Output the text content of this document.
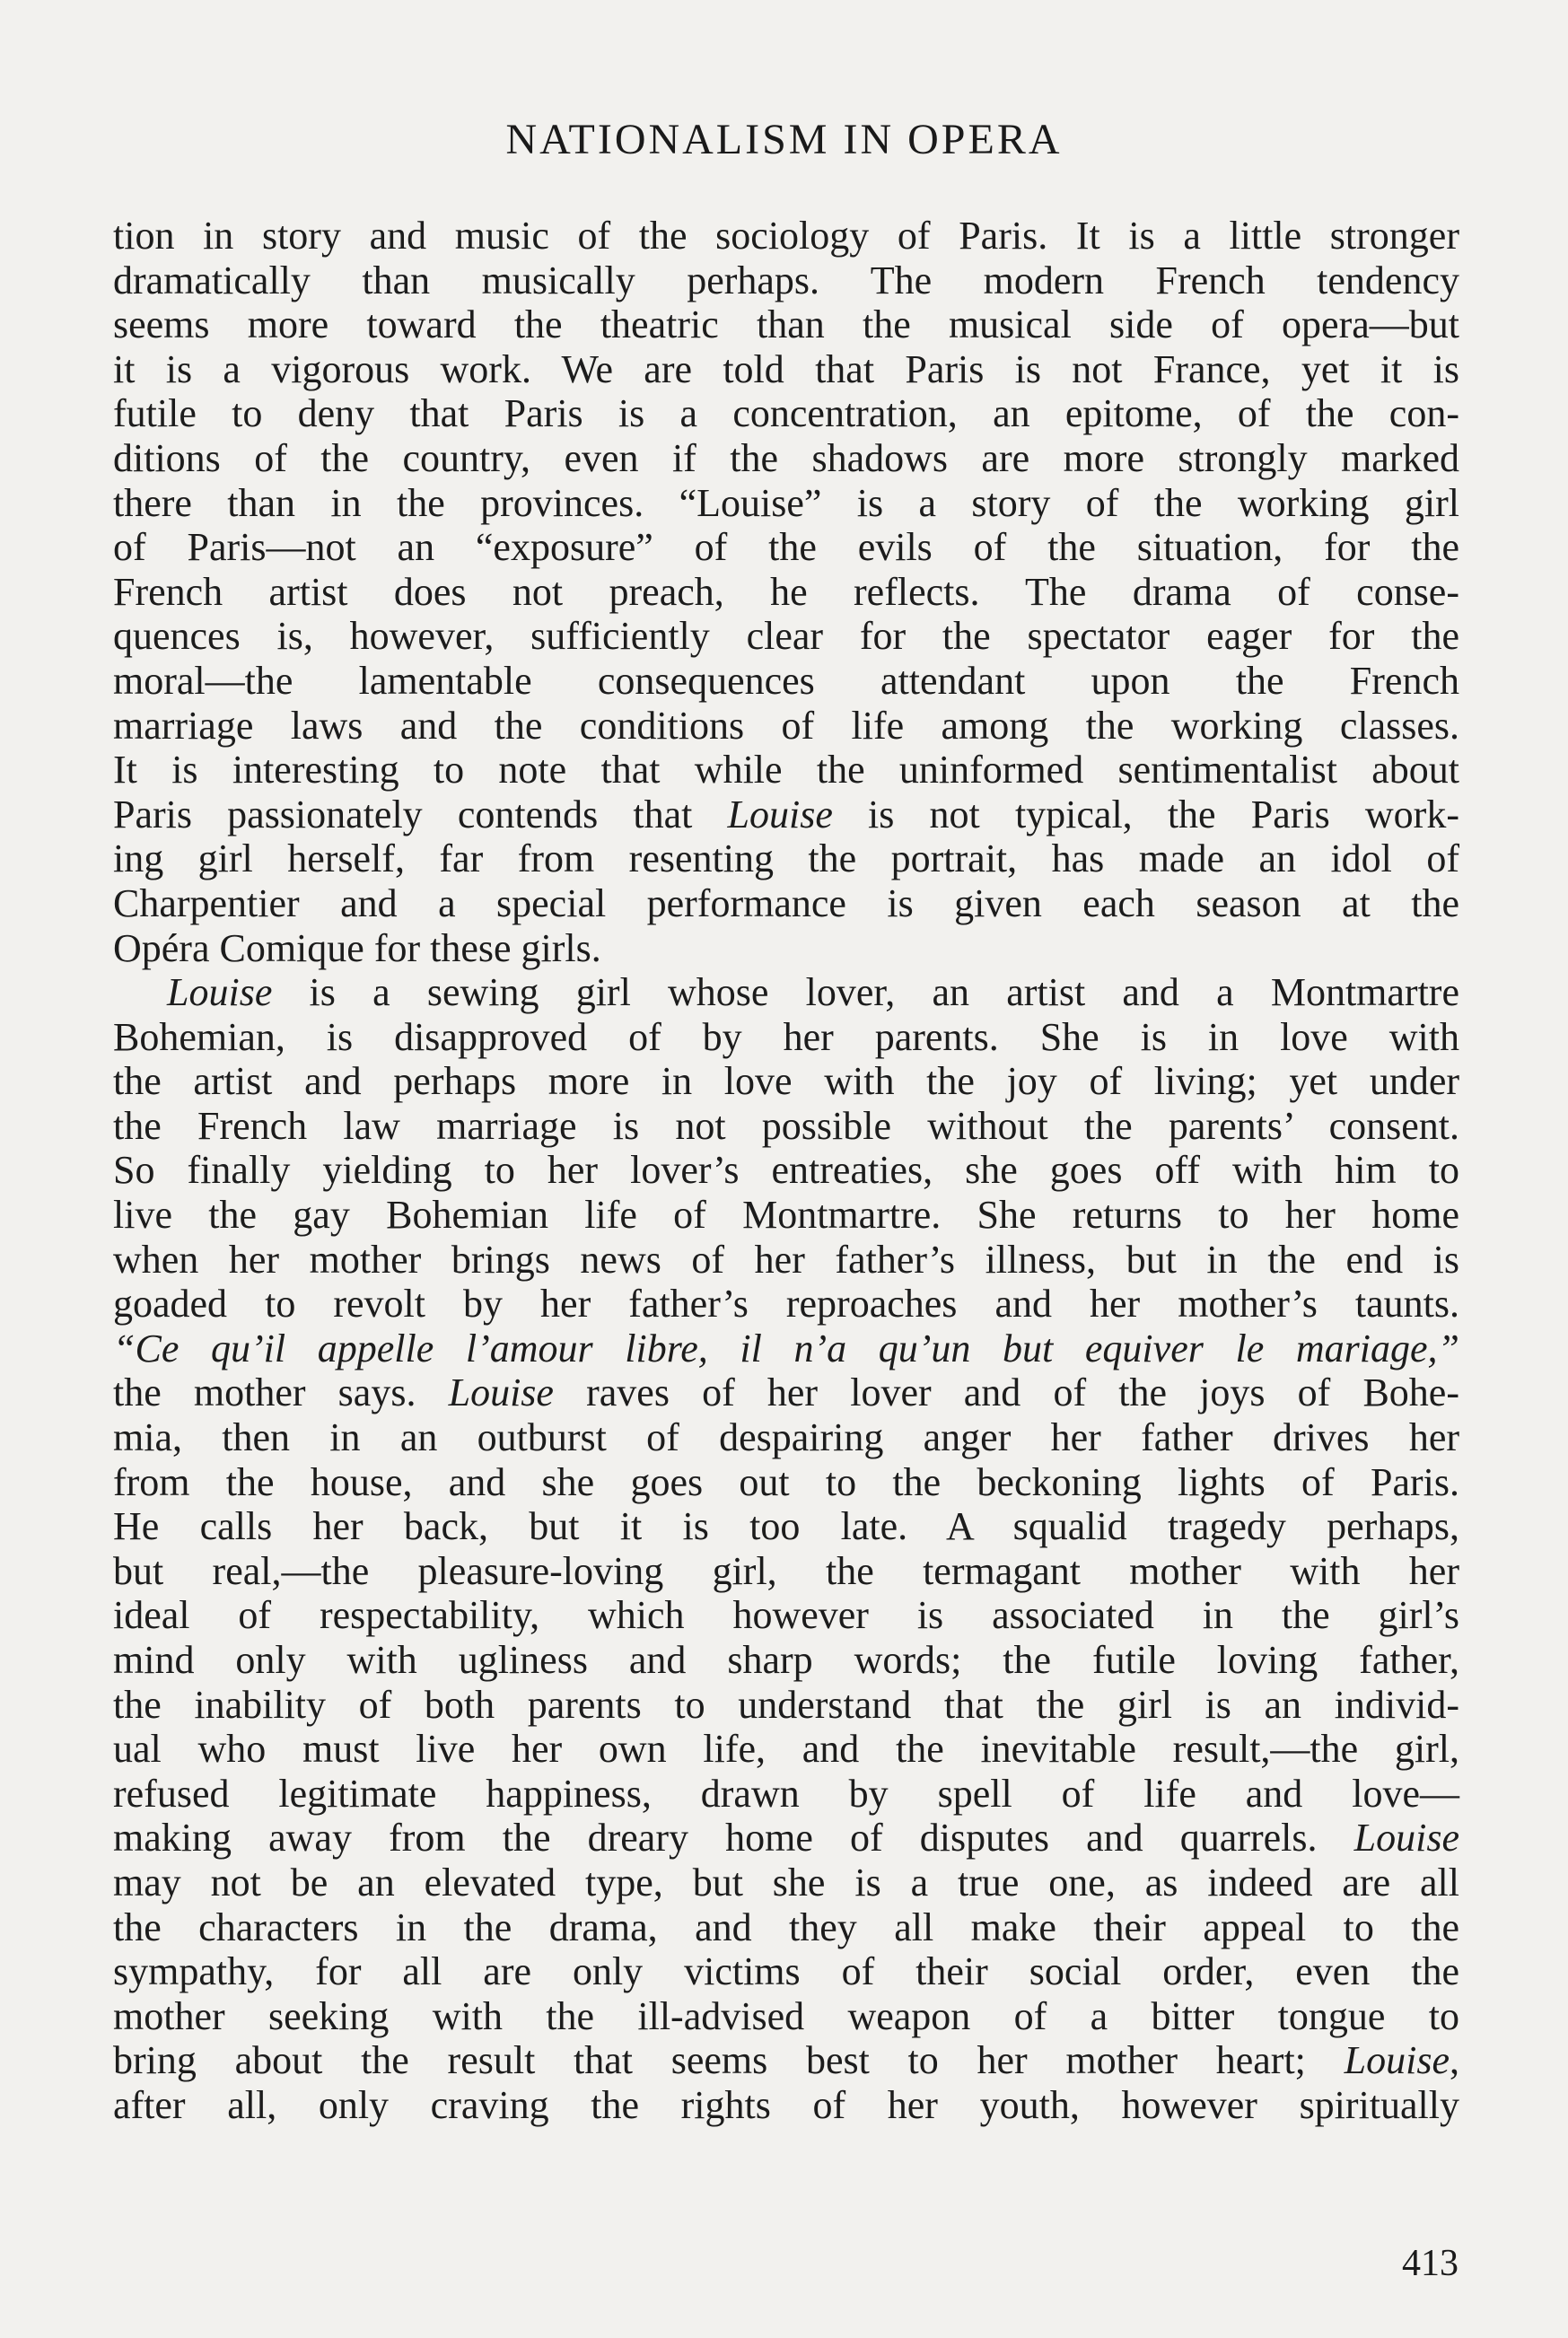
NATIONALISM IN OPERA
tion in story and music of the sociology of Paris. It is a little stronger
dramatically than musically perhaps. The modern French tendency
seems more toward the theatric than the musical side of opera—but
it is a vigorous work. We are told that Paris is not France, yet it is
futile to deny that Paris is a concentration, an epitome, of the con-
ditions of the country, even if the shadows are more strongly marked
there than in the provinces. “Louise” is a story of the working girl
of Paris—not an “exposure” of the evils of the situation, for the
French artist does not preach, he reflects. The drama of conse-
quences is, however, sufficiently clear for the spectator eager for the
moral—the lamentable consequences attendant upon the French
marriage laws and the conditions of life among the working classes.
It is interesting to note that while the uninformed sentimentalist about
Paris passionately contends that Louise is not typical, the Paris work-
ing girl herself, far from resenting the portrait, has made an idol of
Charpentier and a special performance is given each season at the
Opéra Comique for these girls.
Louise is a sewing girl whose lover, an artist and a Montmartre
Bohemian, is disapproved of by her parents. She is in love with
the artist and perhaps more in love with the joy of living; yet under
the French law marriage is not possible without the parents’ consent.
So finally yielding to her lover’s entreaties, she goes off with him to
live the gay Bohemian life of Montmartre. She returns to her home
when her mother brings news of her father’s illness, but in the end is
goaded to revolt by her father’s reproaches and her mother’s taunts.
“Ce qu’il appelle l’amour libre, il n’a qu’un but equiver le mariage,”
the mother says. Louise raves of her lover and of the joys of Bohe-
mia, then in an outburst of despairing anger her father drives her
from the house, and she goes out to the beckoning lights of Paris.
He calls her back, but it is too late. A squalid tragedy perhaps,
but real,—the pleasure-loving girl, the termagant mother with her
ideal of respectability, which however is associated in the girl’s
mind only with ugliness and sharp words; the futile loving father,
the inability of both parents to understand that the girl is an individ-
ual who must live her own life, and the inevitable result,—the girl,
refused legitimate happiness, drawn by spell of life and love—
making away from the dreary home of disputes and quarrels. Louise
may not be an elevated type, but she is a true one, as indeed are all
the characters in the drama, and they all make their appeal to the
sympathy, for all are only victims of their social order, even the
mother seeking with the ill-advised weapon of a bitter tongue to
bring about the result that seems best to her mother heart; Louise,
after all, only craving the rights of her youth, however spiritually
413
